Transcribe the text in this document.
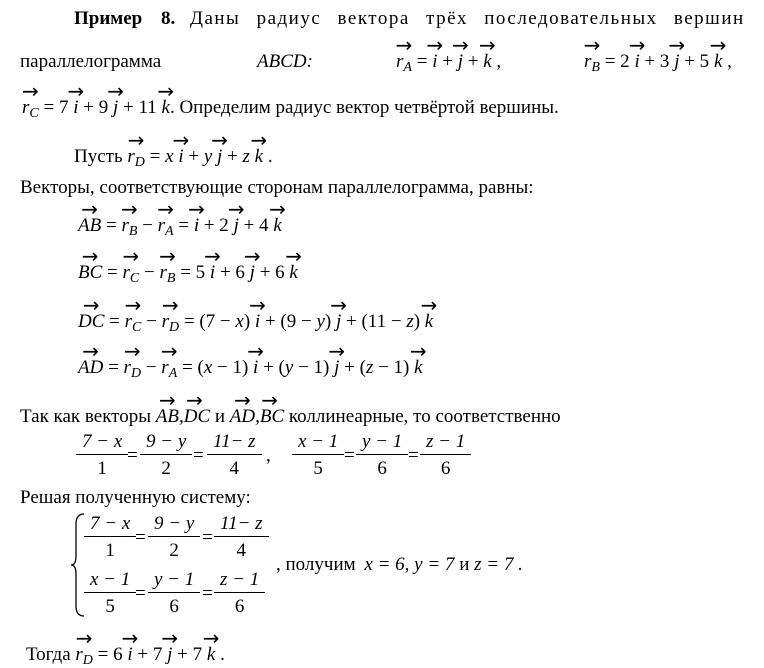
Пример 8. Даны радиус вектора трёх последовательных вершин
параллелограмма	ABCD:	→ $r_A$ = → i + → j + → k ,	→ $r_B = 2 \to i + 3 \to j + 5 \to k$ ,
→ $r_C = 7 \to i + 9 \to j + 11 \to k$. Определим радиус вектор четвёртой вершины.
Пусть → $r_D = x \to i + y \to j + z \to k$ .
Векторы, соответствующие сторонам параллелограмма, равны:
→ AB = → $r_B$ − → $r_A$ = → i + 2 → j + 4 → k
→ BC = → $r_C$ − → $r_B = 5 \to i + 6 \to j + 6 \to k$
→ DC = → $r_C$ − → $r_D = (7 - x) \to i + (9 - y) \to j + (11 - z) \to k$
→ AD = → $r_D$ − → $r_A = (x - 1) \to i + (y - 1) \to j + (z - 1) \to k$
Так как векторы → AB→ ,DC и → AD→ ,BC коллинеарные, то соответственно
7 − x
1
=
9 − y
2
=
11− z
4
,
x − 1
5
=
y − 1
6
=
z − 1
6
Решая полученную систему:
7 − x
1
=
9 − y
2
=
11− z
4
x − 1
5
=
y − 1
6
=
z − 1
6
, получим x = 6, y = 7 и z = 7 .
Тогда → $r_D = 6 \to i + 7 \to j + 7 \to k$ .
